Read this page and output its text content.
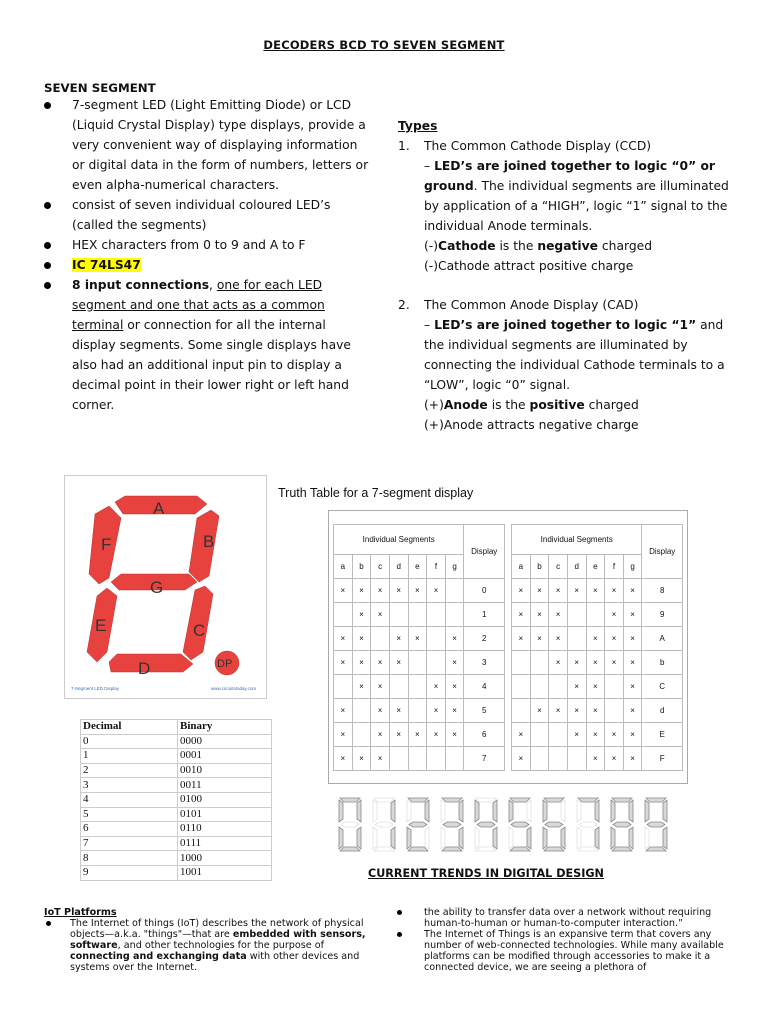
DECODERS BCD TO SEVEN SEGMENT
SEVEN SEGMENT
7-segment LED (Light Emitting Diode) or LCD (Liquid Crystal Display) type displays, provide a very convenient way of displaying information or digital data in the form of numbers, letters or even alpha-numerical characters.
consist of seven individual coloured LED’s (called the segments)
HEX characters from 0 to 9 and A to F
IC 74LS47
8 input connections, one for each LED segment and one that acts as a common terminal or connection for all the internal display segments. Some single displays have also had an additional input pin to display a decimal point in their lower right or left hand corner.
Types
1. The Common Cathode Display (CCD)
– LED’s are joined together to logic “0” or ground. The individual segments are illuminated by application of a “HIGH”, logic “1” signal to the individual Anode terminals.
(-)Cathode is the negative charged
(-)Cathode attract positive charge
2. The Common Anode Display (CAD)
– LED’s are joined together to logic “1” and the individual segments are illuminated by connecting the individual Cathode terminals to a “LOW”, logic “0” signal.
(+)Anode is the positive charged
(+)Anode attracts negative charge
A
B
F
G
E	C
D	DP
7-Segment LED Display	www.circuitstoday.com
Truth Table for a 7-segment display
Individual Segments							Display
a	b	c	d	e	f	g	
×	×	×	×	×	×		0
	×	×					1
×	×		×	×		×	2
×	×	×	×			×	3
	×	×			×	×	4
×		×	×		×	×	5
×		×	×	×	×	×	6
×	×	×					7
Individual Segments							Display
a	b	c	d	e	f	g	
×	×	×	×	×	×	×	8
×	×	×			×	×	9
×	×	×		×	×	×	A
		×	×	×	×	×	b
			×	×		×	C
	×	×	×	×		×	d
×			×	×	×	×	E
×				×	×	×	F
Decimal	Binary
0	0000
1	0001
2	0010
3	0011
4	0100
5	0101
6	0110
7	0111
8	1000
9	1001	CURRENT TRENDS IN DIGITAL DESIGN
IoT Platforms
The Internet of things (IoT) describes the network of physical objects—a.k.a. "things"—that are embedded with sensors, software, and other technologies for the purpose of connecting and exchanging data with other devices and systems over the Internet.
the ability to transfer data over a network without requiring human-to-human or human-to-computer interaction.”
The Internet of Things is an expansive term that covers any number of web-connected technologies. While many available platforms can be modified through accessories to make it a connected device, we are seeing a plethora of
